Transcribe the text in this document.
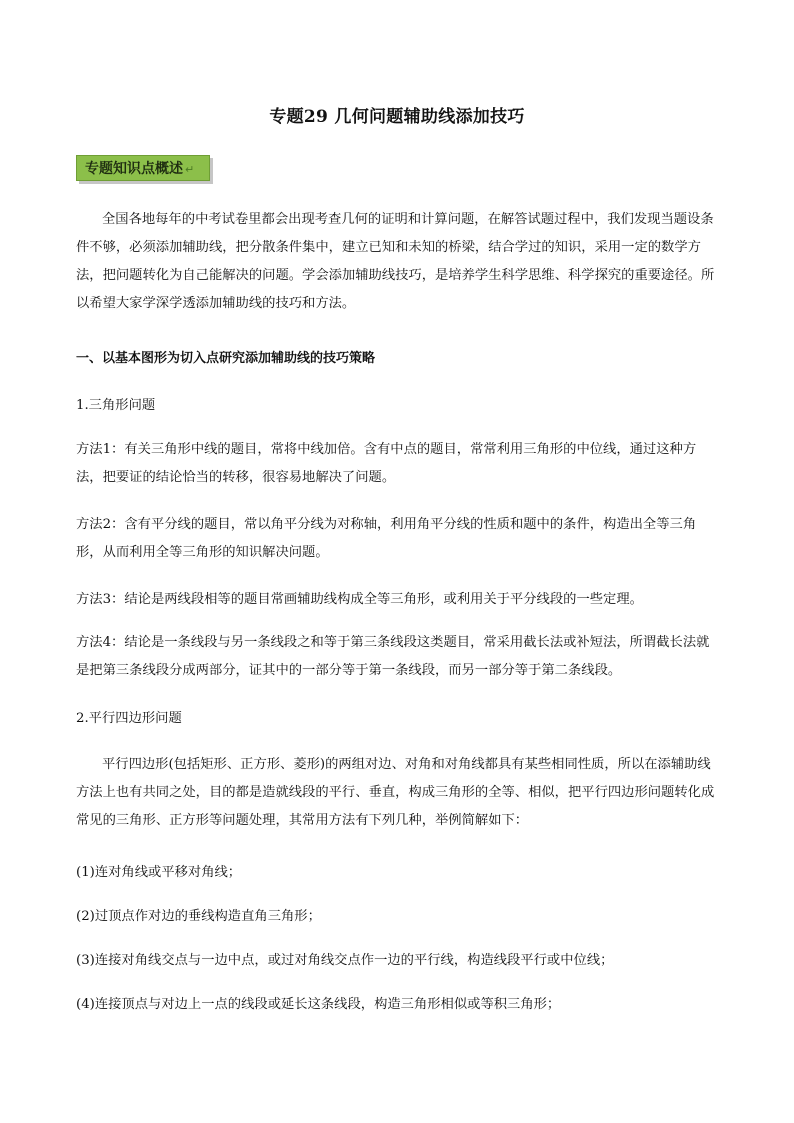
专题29 几何问题辅助线添加技巧
专题知识点概述 ↵
全国各地每年的中考试卷里都会出现考查几何的证明和计算问题，在解答试题过程中，我们发现当题设条件不够，必须添加辅助线，把分散条件集中，建立已知和未知的桥梁，结合学过的知识，采用一定的数学方法，把问题转化为自己能解决的问题。学会添加辅助线技巧，是培养学生科学思维、科学探究的重要途径。所以希望大家学深学透添加辅助线的技巧和方法。
一、以基本图形为切入点研究添加辅助线的技巧策略
1.三角形问题
方法1：有关三角形中线的题目，常将中线加倍。含有中点的题目，常常利用三角形的中位线，通过这种方法，把要证的结论恰当的转移，很容易地解决了问题。
方法2：含有平分线的题目，常以角平分线为对称轴，利用角平分线的性质和题中的条件，构造出全等三角形，从而利用全等三角形的知识解决问题。
方法3：结论是两线段相等的题目常画辅助线构成全等三角形，或利用关于平分线段的一些定理。
方法4：结论是一条线段与另一条线段之和等于第三条线段这类题目，常采用截长法或补短法，所谓截长法就是把第三条线段分成两部分，证其中的一部分等于第一条线段，而另一部分等于第二条线段。
2.平行四边形问题
平行四边形(包括矩形、正方形、菱形)的两组对边、对角和对角线都具有某些相同性质，所以在添辅助线方法上也有共同之处，目的都是造就线段的平行、垂直，构成三角形的全等、相似，把平行四边形问题转化成常见的三角形、正方形等问题处理，其常用方法有下列几种，举例简解如下：
(1)连对角线或平移对角线；
(2)过顶点作对边的垂线构造直角三角形；
(3)连接对角线交点与一边中点，或过对角线交点作一边的平行线，构造线段平行或中位线；
(4)连接顶点与对边上一点的线段或延长这条线段，构造三角形相似或等积三角形；
